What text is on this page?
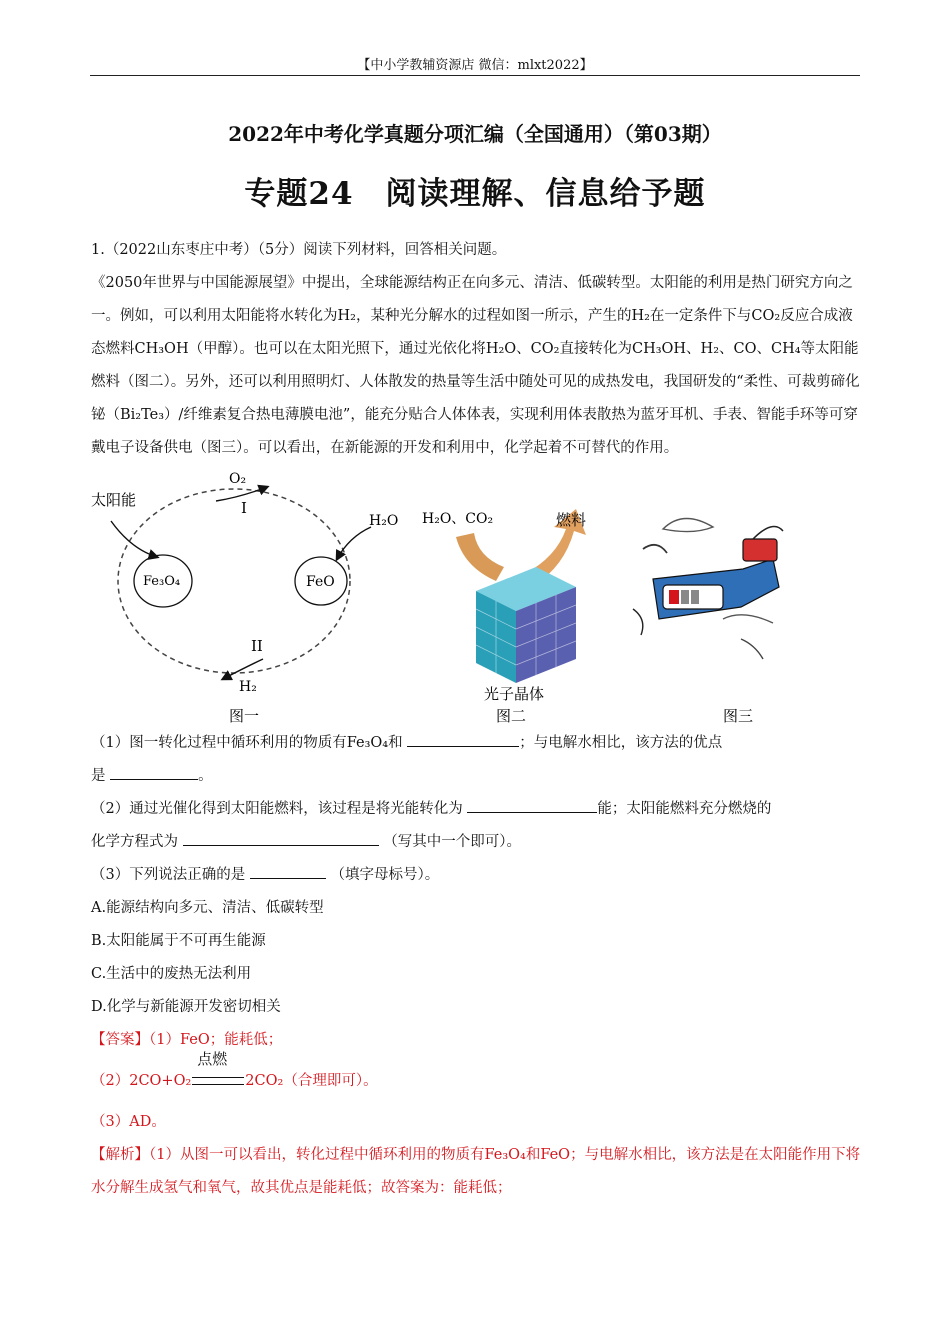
【中小学教辅资源店 微信：mlxt2022】
2022年中考化学真题分项汇编（全国通用）（第03期）
专题24　阅读理解、信息给予题
1.（2022山东枣庄中考）（5分）阅读下列材料，回答相关问题。
《2050年世界与中国能源展望》中提出，全球能源结构正在向多元、清洁、低碳转型。太阳能的利用是热门研究方向之一。例如，可以利用太阳能将水转化为H₂，某种光分解水的过程如图一所示，产生的H₂在一定条件下与CO₂反应合成液态燃料CH₃OH（甲醇）。也可以在太阳光照下，通过光依化将H₂O、CO₂直接转化为CH₃OH、H₂、CO、CH₄等太阳能燃料（图二）。另外，还可以利用照明灯、人体散发的热量等生活中随处可见的成热发电，我国研发的“柔性、可裁剪碲化铋（Bi₂Te₃）/纤维素复合热电薄膜电池”，能充分贴合人体体表，实现利用体表散热为蓝牙耳机、手表、智能手环等可穿戴电子设备供电（图三）。可以看出，在新能源的开发和利用中，化学起着不可替代的作用。
太阳能
O₂
I
H₂O
Fe₃O₄	FeO
II
H₂
图一
H₂O、CO₂	燃料
光子晶体
图二	图三
（1）图一转化过程中循环利用的物质有Fe₃O₄和	；与电解水相比，该方法的优点
是	。
（2）通过光催化得到太阳能燃料，该过程是将光能转化为	能；太阳能燃料充分燃烧的
化学方程式为	（写其中一个即可）。
（3）下列说法正确的是	（填字母标号）。
A.能源结构向多元、清洁、低碳转型
B.太阳能属于不可再生能源
C.生活中的废热无法利用
D.化学与新能源开发密切相关
【答案】（1）FeO；能耗低；
（2）2CO+O₂
点燃
2CO₂（合理即可）。
（3）AD。
【解析】（1）从图一可以看出，转化过程中循环利用的物质有Fe₃O₄和FeO；与电解水相比，该方法是在太阳能作用下将水分解生成氢气和氧气，故其优点是能耗低；故答案为：能耗低；
